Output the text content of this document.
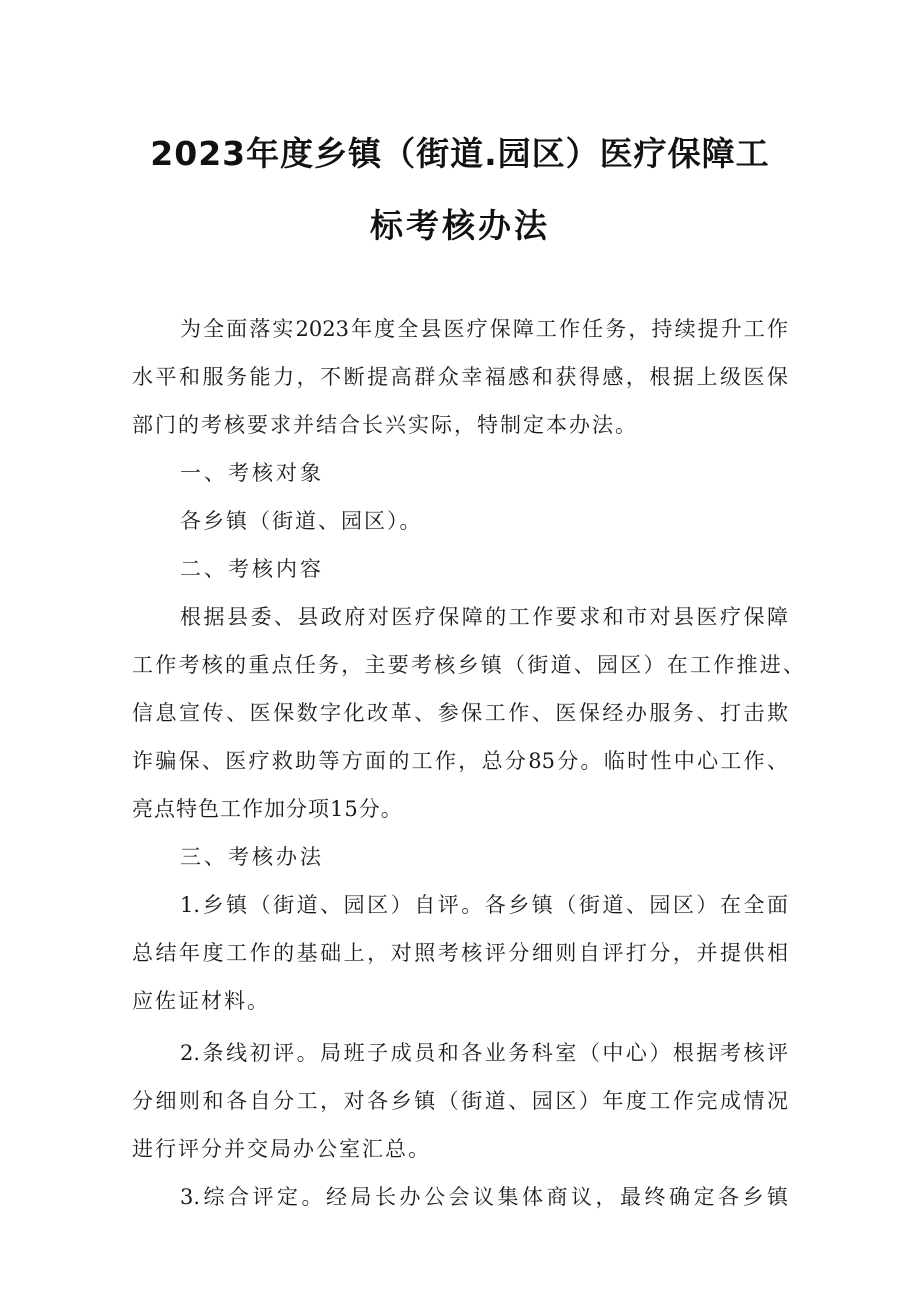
2023年度乡镇（街道.园区）医疗保障工
标考核办法
为全面落实2023年度全县医疗保障工作任务，持续提升工作
水平和服务能力，不断提高群众幸福感和获得感，根据上级医保
部门的考核要求并结合长兴实际，特制定本办法。
一、考核对象
各乡镇（街道、园区）。
二、考核内容
根据县委、县政府对医疗保障的工作要求和市对县医疗保障
工作考核的重点任务，主要考核乡镇（街道、园区）在工作推进、
信息宣传、医保数字化改革、参保工作、医保经办服务、打击欺
诈骗保、医疗救助等方面的工作，总分85分。临时性中心工作、
亮点特色工作加分项15分。
三、考核办法
1.乡镇（街道、园区）自评。各乡镇（街道、园区）在全面
总结年度工作的基础上，对照考核评分细则自评打分，并提供相
应佐证材料。
2.条线初评。局班子成员和各业务科室（中心）根据考核评
分细则和各自分工，对各乡镇（街道、园区）年度工作完成情况
进行评分并交局办公室汇总。
3.综合评定。经局长办公会议集体商议，最终确定各乡镇
